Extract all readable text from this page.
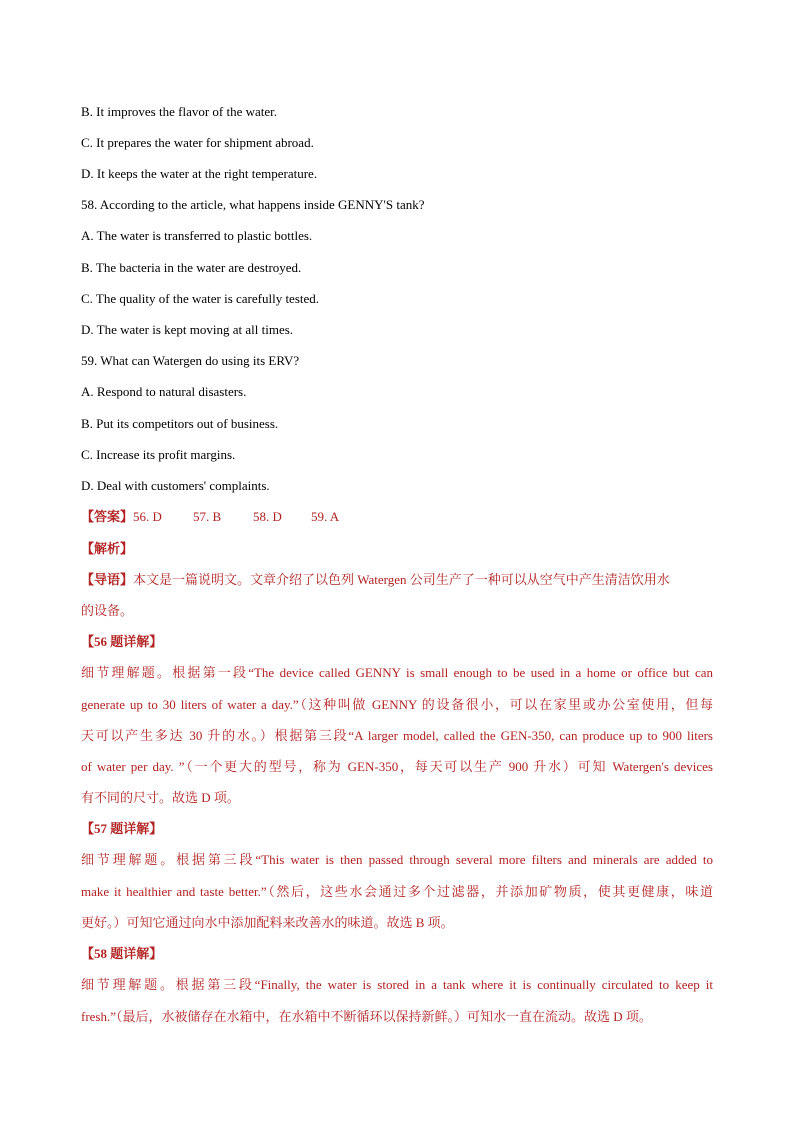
B. It improves the flavor of the water.
C. It prepares the water for shipment abroad.
D. It keeps the water at the right temperature.
58. According to the article, what happens inside GENNY'S tank?
A. The water is transferred to plastic bottles.
B. The bacteria in the water are destroyed.
C. The quality of the water is carefully tested.
D. The water is kept moving at all times.
59. What can Watergen do using its ERV?
A. Respond to natural disasters.
B. Put its competitors out of business.
C. Increase its profit margins.
D. Deal with customers' complaints.
【答案】56. D 57. B 58. D 59. A
【解析】
【导语】本文是一篇说明文。文章介绍了以色列 Watergen 公司生产了一种可以从空气中产生清洁饮用水
的设备。
【56 题详解】
细节理解题。根据第一段“The device called GENNY is small enough to be used in a home or office but can
generate up to 30 liters of water a day.”（这种叫做 GENNY 的设备很小，可以在家里或办公室使用，但每
天可以产生多达 30 升的水。）根据第三段“A larger model, called the GEN-350, can produce up to 900 liters
of water per day. ”（一个更大的型号，称为 GEN-350，每天可以生产 900 升水）可知 Watergen's devices
有不同的尺寸。故选 D 项。
【57 题详解】
细节理解题。根据第三段“This water is then passed through several more filters and minerals are added to
make it healthier and taste better.”（然后，这些水会通过多个过滤器，并添加矿物质，使其更健康，味道
更好。）可知它通过向水中添加配料来改善水的味道。故选 B 项。
【58 题详解】
细节理解题。根据第三段“Finally, the water is stored in a tank where it is continually circulated to keep it
fresh.”（最后，水被储存在水箱中，在水箱中不断循环以保持新鲜。）可知水一直在流动。故选 D 项。
